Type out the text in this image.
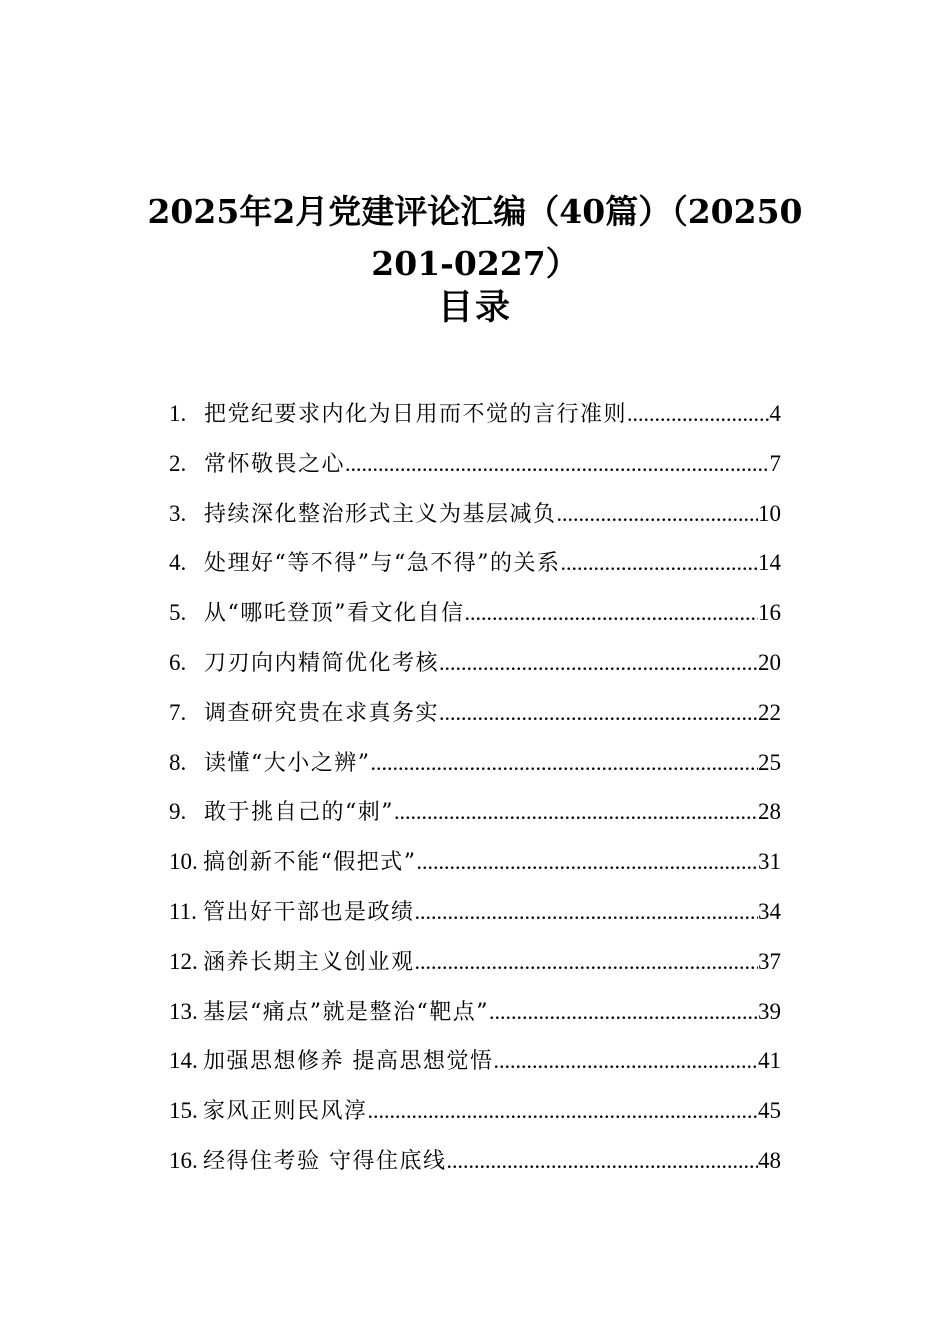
2025年2月党建评论汇编（40篇）（20250
201-0227）
目录
1. 把党纪要求内化为日用而不觉的言行准则 .....	4
2. 常怀敬畏之心 .....	7
3. 持续深化整治形式主义为基层减负 .....	10
4. 处理好“等不得”与“急不得”的关系 .....	14
5. 从“哪吒登顶”看文化自信 .....	16
6. 刀刃向内精简优化考核 .....	20
7. 调查研究贵在求真务实 .....	22
8. 读懂“大小之辨” .....	25
9. 敢于挑自己的“刺” .....	28
10. 搞创新不能“假把式” .....	31
11. 管出好干部也是政绩 .....	34
12. 涵养长期主义创业观 .....	37
13. 基层“痛点”就是整治“靶点” .....	39
14. 加强思想修养 提高思想觉悟 .....	41
15. 家风正则民风淳 .....	45
16. 经得住考验 守得住底线 .....	48
